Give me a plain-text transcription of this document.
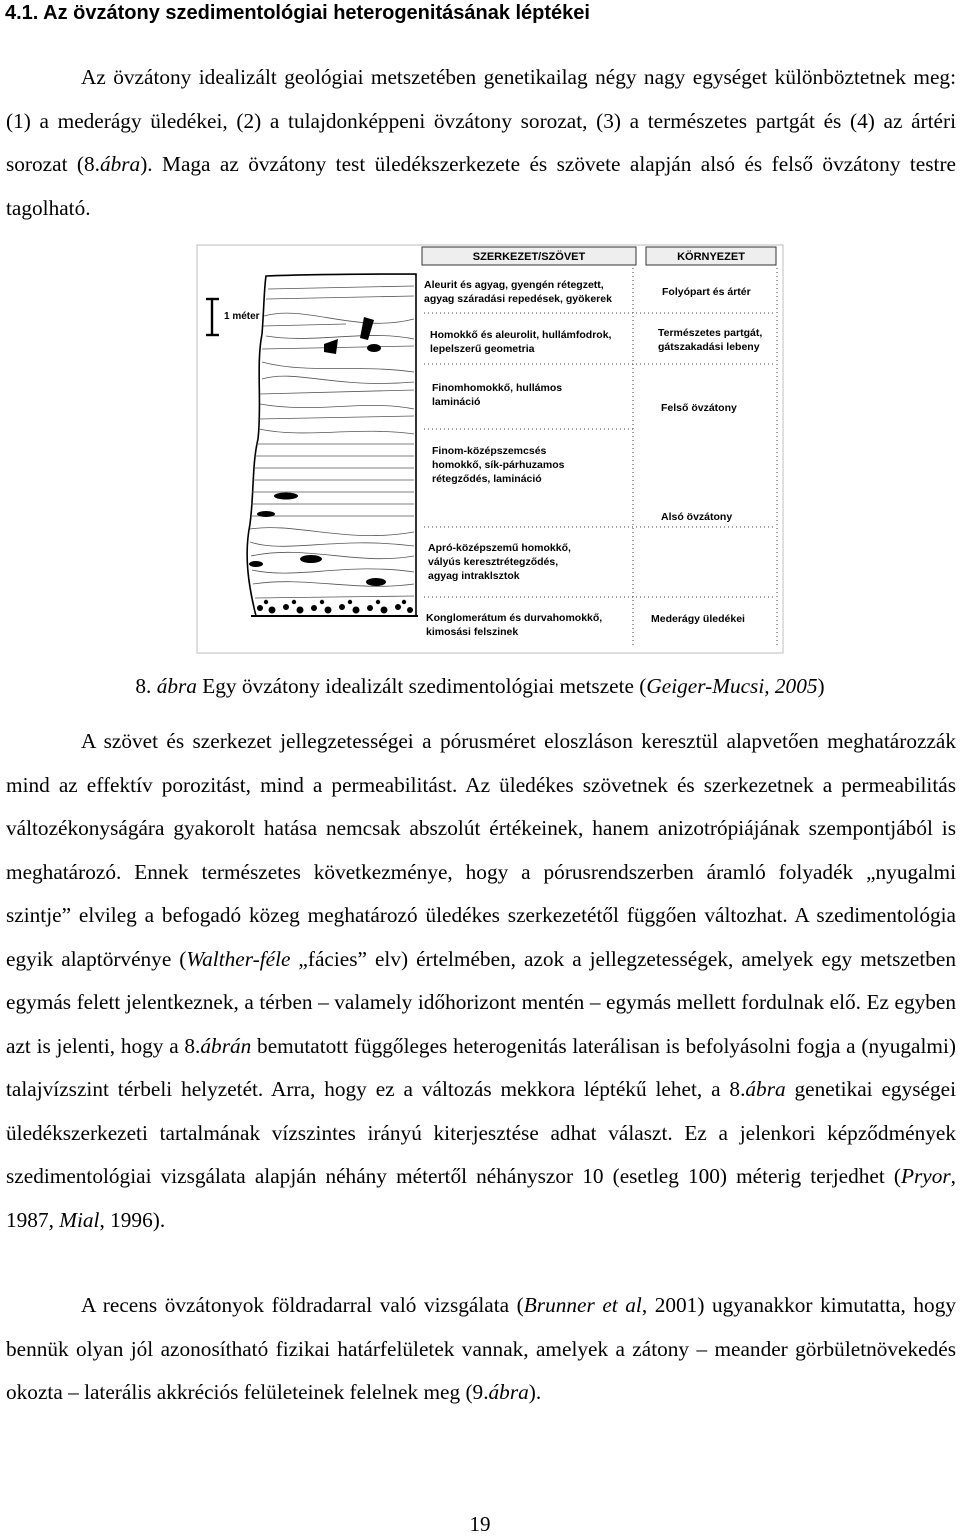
4.1. Az övzátony szedimentológiai heterogenitásának léptékei

Az övzátony idealizált geológiai metszetében genetikailag négy nagy egységet különböztetnek meg: (1) a mederágy üledékei, (2) a tulajdonképpeni övzátony sorozat, (3) a természetes partgát és (4) az ártéri sorozat (8.ábra). Maga az övzátony test üledékszerkezete és szövete alapján alsó és felső övzátony testre tagolható.

SZERKEZET/SZÖVET	KÖRNYEZET
1 méter
Aleurit és agyag, gyengén rétegzett,
agyag száradási repedések, gyökerek
Homokkő és aleurolit, hullámfodrok,
lepelszerű geometria
Finomhomokkő, hullámos
lamináció
Finom-középszemcsés
homokkő, sík-párhuzamos
rétegződés, lamináció
Apró-középszemű homokkő,
vályús keresztrétegződés,
agyag intraklsztok
Konglomerátum és durvahomokkő,
kimosási felszinek
Folyópart és ártér
Természetes partgát,
gátszakadási lebeny
Felső övzátony
Alsó övzátony
Mederágy üledékei

8. ábra Egy övzátony idealizált szedimentológiai metszete (Geiger-Mucsi, 2005)

A szövet és szerkezet jellegzetességei a pórusméret eloszláson keresztül alapvetően meghatározzák mind az effektív porozitást, mind a permeabilitást. Az üledékes szövetnek és szerkezetnek a permeabilitás változékonyságára gyakorolt hatása nemcsak abszolút értékeinek, hanem anizotrópiájának szempontjából is meghatározó. Ennek természetes következménye, hogy a pórusrendszerben áramló folyadék „nyugalmi szintje” elvileg a befogadó közeg meghatározó üledékes szerkezetétől függően változhat. A szedimentológia egyik alaptörvénye (Walther-féle „fácies” elv) értelmében, azok a jellegzetességek, amelyek egy metszetben egymás felett jelentkeznek, a térben – valamely időhorizont mentén – egymás mellett fordulnak elő. Ez egyben azt is jelenti, hogy a 8.ábrán bemutatott függőleges heterogenitás laterálisan is befolyásolni fogja a (nyugalmi) talajvízszint térbeli helyzetét. Arra, hogy ez a változás mekkora léptékű lehet, a 8.ábra genetikai egységei üledékszerkezeti tartalmának vízszintes irányú kiterjesztése adhat választ. Ez a jelenkori képződmények szedimentológiai vizsgálata alapján néhány métertől néhányszor 10 (esetleg 100) méterig terjedhet (Pryor, 1987, Mial, 1996).

A recens övzátonyok földradarral való vizsgálata (Brunner et al, 2001) ugyanakkor kimutatta, hogy bennük olyan jól azonosítható fizikai határfelületek vannak, amelyek a zátony – meander görbületnövekedés okozta – laterális akkréciós felületeinek felelnek meg (9.ábra).

19
